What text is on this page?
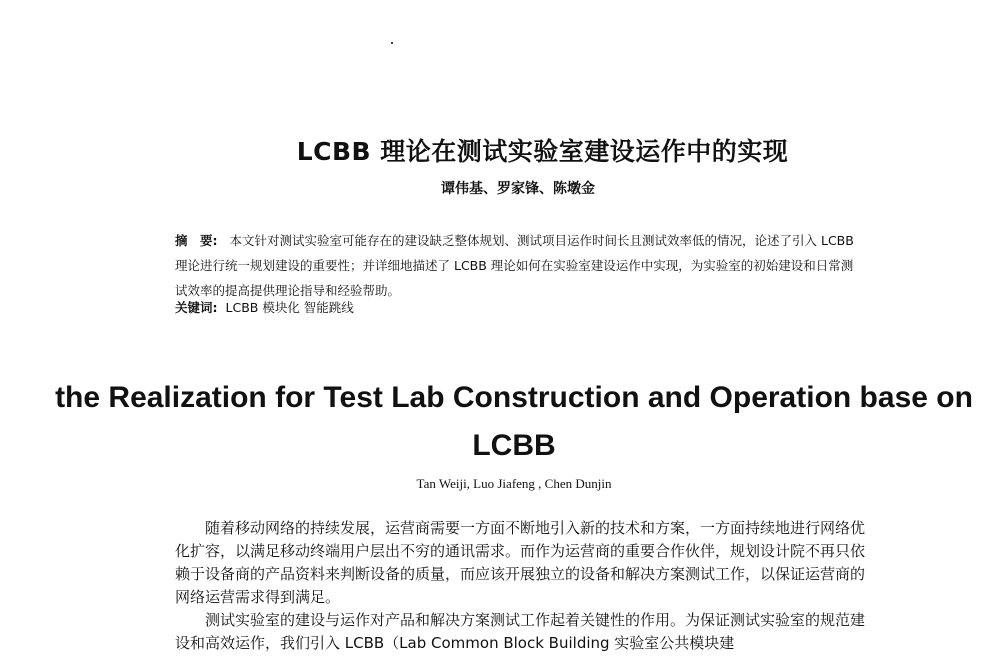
LCBB 理论在测试实验室建设运作中的实现
谭伟基、罗家锋、陈墩金
摘　要: 本文针对测试实验室可能存在的建设缺乏整体规划、测试项目运作时间长且测试效率低的情况，论述了引入 LCBB 理论进行统一规划建设的重要性；并详细地描述了 LCBB 理论如何在实验室建设运作中实现，为实验室的初始建设和日常测试效率的提高提供理论指导和经验帮助。
关键词: LCBB 模块化 智能跳线
the Realization for Test Lab Construction and Operation base on LCBB
Tan Weiji, Luo Jiafeng , Chen Dunjin

随着移动网络的持续发展，运营商需要一方面不断地引入新的技术和方案，一方面持续地进行网络优化扩容，以满足移动终端用户层出不穷的通讯需求。而作为运营商的重要合作伙伴，规划设计院不再只依赖于设备商的产品资料来判断设备的质量，而应该开展独立的设备和解决方案测试工作，以保证运营商的网络运营需求得到满足。

测试实验室的建设与运作对产品和解决方案测试工作起着关键性的作用。为保证测试实验室的规范建设和高效运作，我们引入 LCBB（Lab Common Block Building 实验室公共模块建
